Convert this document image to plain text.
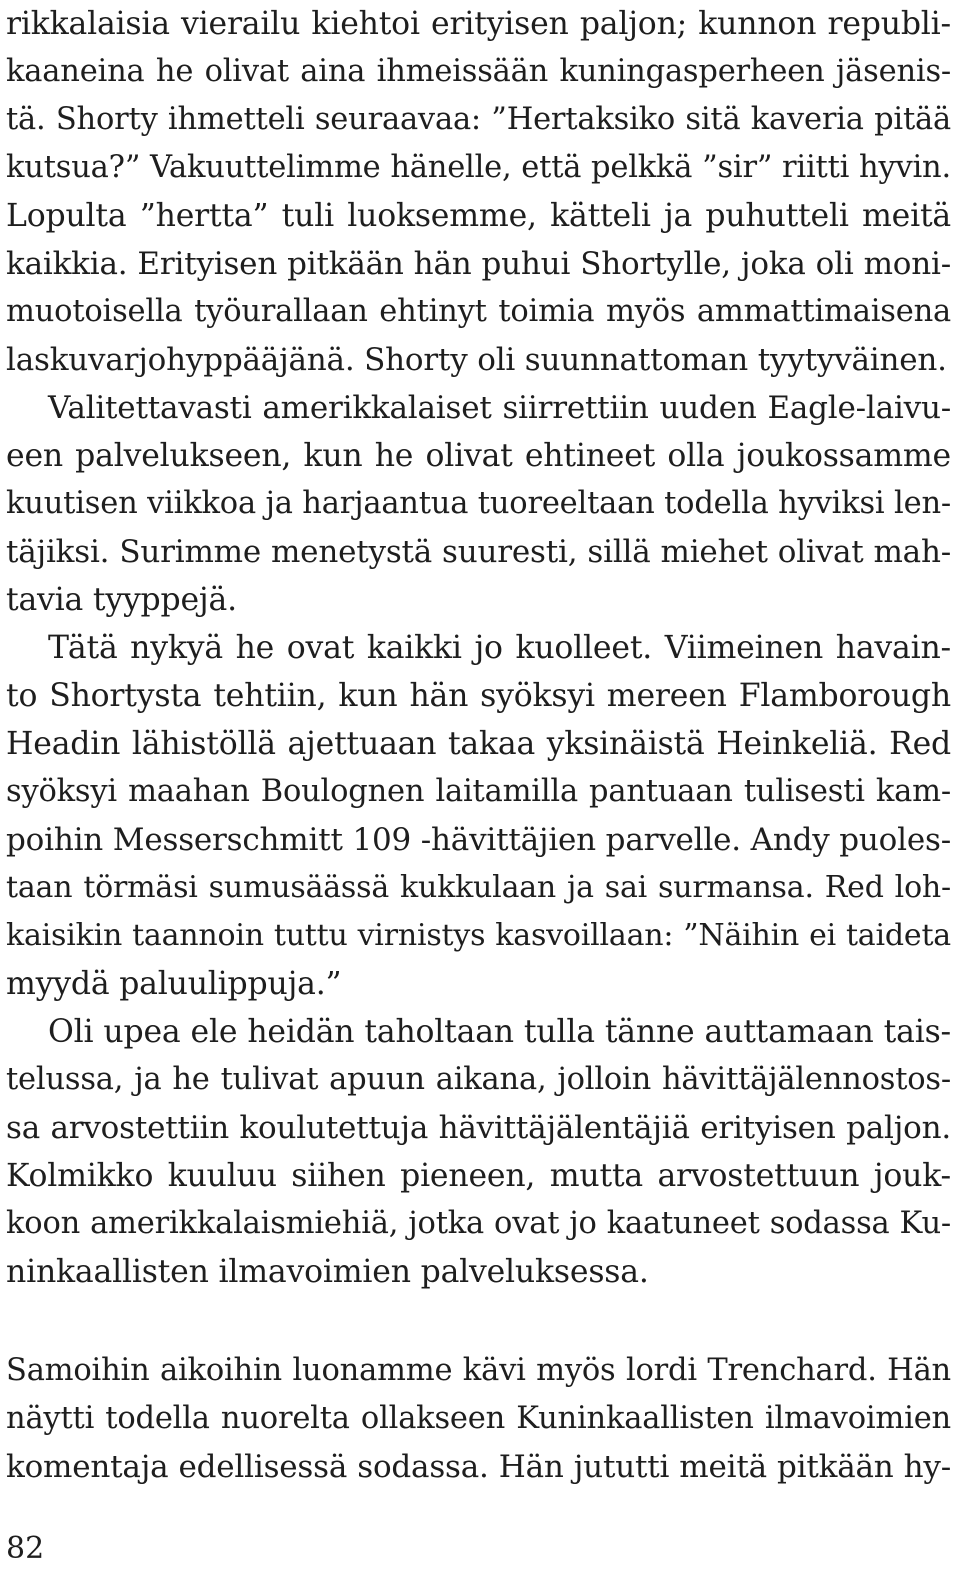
rikkalaisia vierailu kiehtoi erityisen paljon; kunnon republi-
kaaneina he olivat aina ihmeissään kuningasperheen jäsenis-
tä. Shorty ihmetteli seuraavaa: ”Hertaksiko sitä kaveria pitää
kutsua?” Vakuuttelimme hänelle, että pelkkä ”sir” riitti hyvin.
Lopulta ”hertta” tuli luoksemme, kätteli ja puhutteli meitä
kaikkia. Erityisen pitkään hän puhui Shortylle, joka oli moni-
muotoisella työurallaan ehtinyt toimia myös ammattimaisena
laskuvarjohyppääjänä. Shorty oli suunnattoman tyytyväinen.
Valitettavasti amerikkalaiset siirrettiin uuden Eagle-laivu-
een palvelukseen, kun he olivat ehtineet olla joukossamme
kuutisen viikkoa ja harjaantua tuoreeltaan todella hyviksi len-
täjiksi. Surimme menetystä suuresti, sillä miehet olivat mah-
tavia tyyppejä.
Tätä nykyä he ovat kaikki jo kuolleet. Viimeinen havain-
to Shortysta tehtiin, kun hän syöksyi mereen Flamborough
Headin lähistöllä ajettuaan takaa yksinäistä Heinkeliä. Red
syöksyi maahan Boulognen laitamilla pantuaan tulisesti kam-
poihin Messerschmitt 109 -hävittäjien parvelle. Andy puoles-
taan törmäsi sumusäässä kukkulaan ja sai surmansa. Red loh-
kaisikin taannoin tuttu virnistys kasvoillaan: ”Näihin ei taideta
myydä paluulippuja.”
Oli upea ele heidän taholtaan tulla tänne auttamaan tais-
telussa, ja he tulivat apuun aikana, jolloin hävittäjälennostos-
sa arvostettiin koulutettuja hävittäjälentäjiä erityisen paljon.
Kolmikko kuuluu siihen pieneen, mutta arvostettuun jouk-
koon amerikkalaismiehiä, jotka ovat jo kaatuneet sodassa Ku-
ninkaallisten ilmavoimien palveluksessa.
Samoihin aikoihin luonamme kävi myös lordi Trenchard. Hän
näytti todella nuorelta ollakseen Kuninkaallisten ilmavoimien
komentaja edellisessä sodassa. Hän jututti meitä pitkään hy-
82
